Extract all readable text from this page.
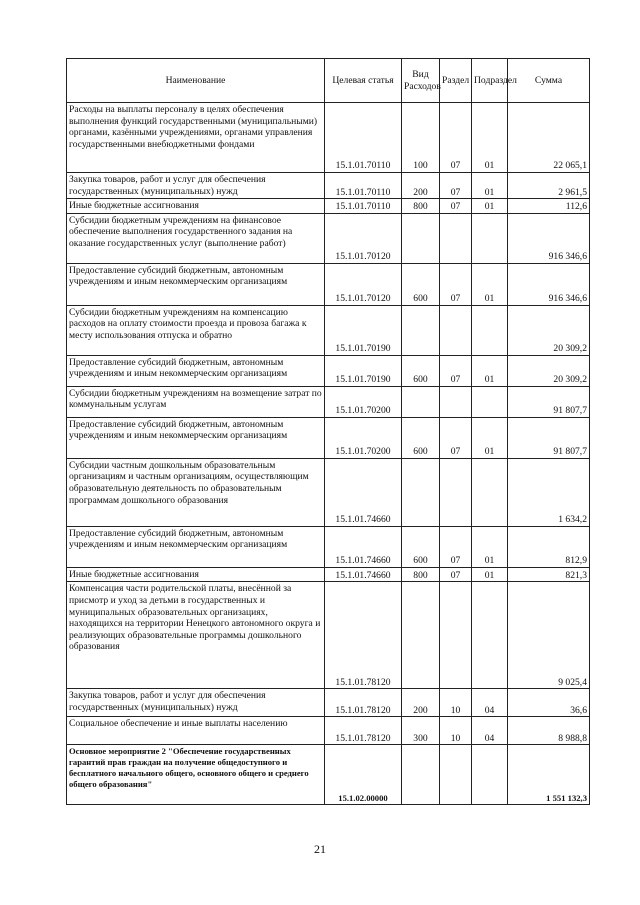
Наименование	Целевая статья	Вид Расходов	Раздел	Подраздел	Сумма
Расходы на выплаты персоналу в целях обеспечения выполнения функций государственными (муниципальными) органами, казёнными учреждениями, органами управления государственными внебюджетными фондами	15.1.01.70110	100	07	01	22 065,1
Закупка товаров, работ и услуг для обеспечения государственных (муниципальных) нужд	15.1.01.70110	200	07	01	2 961,5
Иные бюджетные ассигнования	15.1.01.70110	800	07	01	112,6
Субсидии бюджетным учреждениям на финансовое обеспечение выполнения государственного задания на оказание государственных услуг (выполнение работ)	15.1.01.70120				916 346,6
Предоставление субсидий бюджетным, автономным учреждениям и иным некоммерческим организациям	15.1.01.70120	600	07	01	916 346,6
Субсидии бюджетным учреждениям на компенсацию расходов на оплату стоимости проезда и провоза багажа к месту использования отпуска и обратно	15.1.01.70190				20 309,2
Предоставление субсидий бюджетным, автономным учреждениям и иным некоммерческим организациям	15.1.01.70190	600	07	01	20 309,2
Субсидии бюджетным учреждениям на возмещение затрат по коммунальным услугам	15.1.01.70200				91 807,7
Предоставление субсидий бюджетным, автономным учреждениям и иным некоммерческим организациям	15.1.01.70200	600	07	01	91 807,7
Субсидии частным дошкольным образовательным организациям и частным организациям, осуществляющим образовательную деятельность по образовательным программам дошкольного образования	15.1.01.74660				1 634,2
Предоставление субсидий бюджетным, автономным учреждениям и иным некоммерческим организациям	15.1.01.74660	600	07	01	812,9
Иные бюджетные ассигнования	15.1.01.74660	800	07	01	821,3
Компенсация части родительской платы, внесённой за присмотр и уход за детьми в государственных и муниципальных образовательных организациях, находящихся на территории Ненецкого автономного округа и реализующих образовательные программы дошкольного образования	15.1.01.78120				9 025,4
Закупка товаров, работ и услуг для обеспечения государственных (муниципальных) нужд	15.1.01.78120	200	10	04	36,6
Социальное обеспечение и иные выплаты населению	15.1.01.78120	300	10	04	8 988,8
Основное мероприятие 2 "Обеспечение государственных гарантий прав граждан на получение общедоступного и бесплатного начального общего, основного общего и среднего общего образования"	15.1.02.00000				1 551 132,3
21
